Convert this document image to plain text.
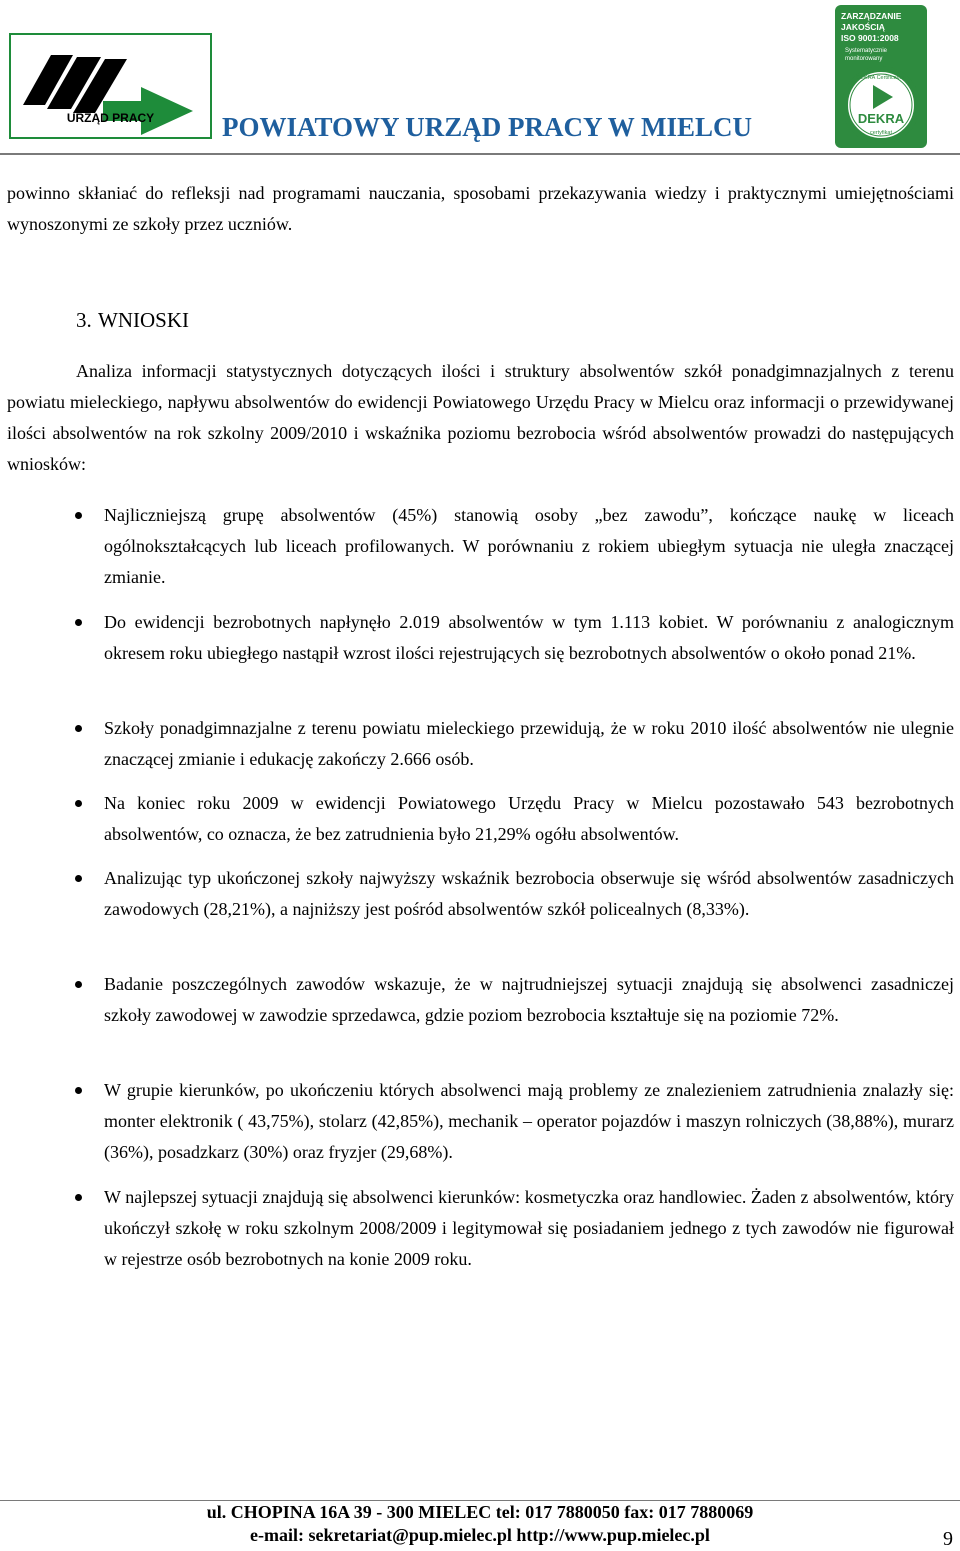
URZĄD PRACY	POWIATOWY URZĄD PRACY W MIELCU
ZARZĄDZANIE
JAKOŚCIĄ
ISO 9001:2008
Systematycznie
monitorowany
DEKRA
DEKRA Certification
certyfikat

powinno skłaniać do refleksji nad programami nauczania, sposobami przekazywania wiedzy i praktycznymi umiejętnościami wynoszonymi ze szkoły przez uczniów.

3. WNIOSKI

Analiza informacji statystycznych dotyczących ilości i struktury absolwentów szkół ponadgimnazjalnych z terenu powiatu mieleckiego, napływu absolwentów do ewidencji Powiatowego Urzędu Pracy w Mielcu oraz informacji o przewidywanej ilości absolwentów na rok szkolny 2009/2010 i wskaźnika poziomu bezrobocia wśród absolwentów prowadzi do następujących wniosków:

Najliczniejszą grupę absolwentów (45%) stanowią osoby „bez zawodu”, kończące naukę w liceach ogólnokształcących lub liceach profilowanych. W porównaniu z rokiem ubiegłym sytuacja nie uległa znaczącej zmianie.
Do ewidencji bezrobotnych napłynęło 2.019 absolwentów w tym 1.113 kobiet. W porównaniu z analogicznym okresem roku ubiegłego nastąpił wzrost ilości rejestrujących się bezrobotnych absolwentów o około ponad 21%.
Szkoły ponadgimnazjalne z terenu powiatu mieleckiego przewidują, że w roku 2010 ilość absolwentów nie ulegnie znaczącej zmianie i edukację zakończy 2.666 osób.
Na koniec roku 2009 w ewidencji Powiatowego Urzędu Pracy w Mielcu pozostawało 543 bezrobotnych absolwentów, co oznacza, że bez zatrudnienia było 21,29% ogółu absolwentów.
Analizując typ ukończonej szkoły najwyższy wskaźnik bezrobocia obserwuje się wśród absolwentów zasadniczych zawodowych (28,21%), a najniższy jest pośród absolwentów szkół policealnych (8,33%).
Badanie poszczególnych zawodów wskazuje, że w najtrudniejszej sytuacji znajdują się absolwenci zasadniczej szkoły zawodowej w zawodzie sprzedawca, gdzie poziom bezrobocia kształtuje się na poziomie 72%.
W grupie kierunków, po ukończeniu których absolwenci mają problemy ze znalezieniem zatrudnienia znalazły się: monter elektronik ( 43,75%), stolarz (42,85%), mechanik – operator pojazdów i maszyn rolniczych (38,88%), murarz (36%), posadzkarz (30%) oraz fryzjer (29,68%).
W najlepszej sytuacji znajdują się absolwenci kierunków: kosmetyczka oraz handlowiec. Żaden z absolwentów, który ukończył szkołę w roku szkolnym 2008/2009 i legitymował się posiadaniem jednego z tych zawodów nie figurował w rejestrze osób bezrobotnych na konie 2009 roku.
ul. CHOPINA 16A 39 - 300 MIELEC tel: 017 7880050 fax: 017 7880069
e-mail: sekretariat@pup.mielec.pl http://www.pup.mielec.pl	9
